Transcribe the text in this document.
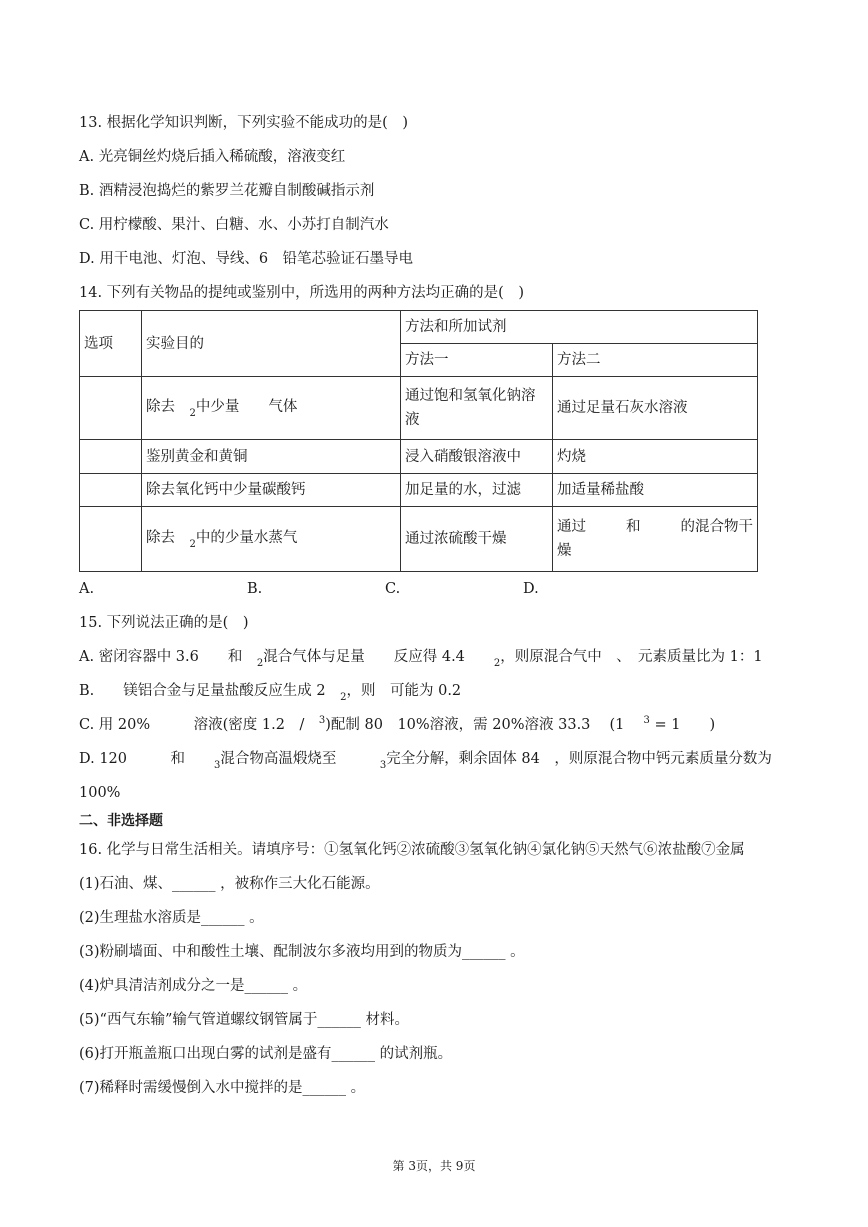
13. 根据化学知识判断，下列实验不能成功的是(　)
A. 光亮铜丝灼烧后插入稀硫酸，溶液变红
B. 酒精浸泡捣烂的紫罗兰花瓣自制酸碱指示剂
C. 用柠檬酸、果汁、白糖、水、小苏打自制汽水
D. 用干电池、灯泡、导线、6　铅笔芯验证石墨导电
14. 下列有关物品的提纯或鉴别中，所选用的两种方法均正确的是(　)
选项	实验目的	方法和所加试剂	
		方法一	方法二
	除去　$_2$中少量　　气体	通过饱和氢氧化钠溶液	通过足量石灰水溶液
	鉴别黄金和黄铜	浸入硝酸银溶液中	灼烧
	除去氧化钙中少量碳酸钙	加足量的水，过滤	加适量稀盐酸
	除去　$_2$中的少量水蒸气	通过浓硫酸干燥	通过 和 的混合物干
燥
A.	B.	C.	D.
15. 下列说法正确的是(　)
A. 密闭容器中 3.6　　和　$_2$混合气体与足量　　反应得 4.4　　$_2$，则原混合气中　、　元素质量比为 1：1
B.　　镁铝合金与足量盐酸反应生成 2　$_2$，则　可能为 0.2
C. 用 20%　　　溶液(密度 1.2　/　$^3$)配制 80　10%溶液，需 20%溶液 33.3　 (1　 $^3$ = 1　　)
D. 120　　　和　　$_3$混合物高温煅烧至　　　$_3$完全分解，剩余固体 84　，则原混合物中钙元素质量分数为
100%
二、非选择题
16. 化学与日常生活相关。请填序号：①氢氧化钙②浓硫酸③氢氧化钠④氯化钠⑤天然气⑥浓盐酸⑦金属
(1)石油、煤、______ ，被称作三大化石能源。
(2)生理盐水溶质是______ 。
(3)粉刷墙面、中和酸性土壤、配制波尔多液均用到的物质为______ 。
(4)炉具清洁剂成分之一是______ 。
(5)“西气东输”输气管道螺纹钢管属于______ 材料。
(6)打开瓶盖瓶口出现白雾的试剂是盛有______ 的试剂瓶。
(7)稀释时需缓慢倒入水中搅拌的是______ 。
第 3页，共 9页
